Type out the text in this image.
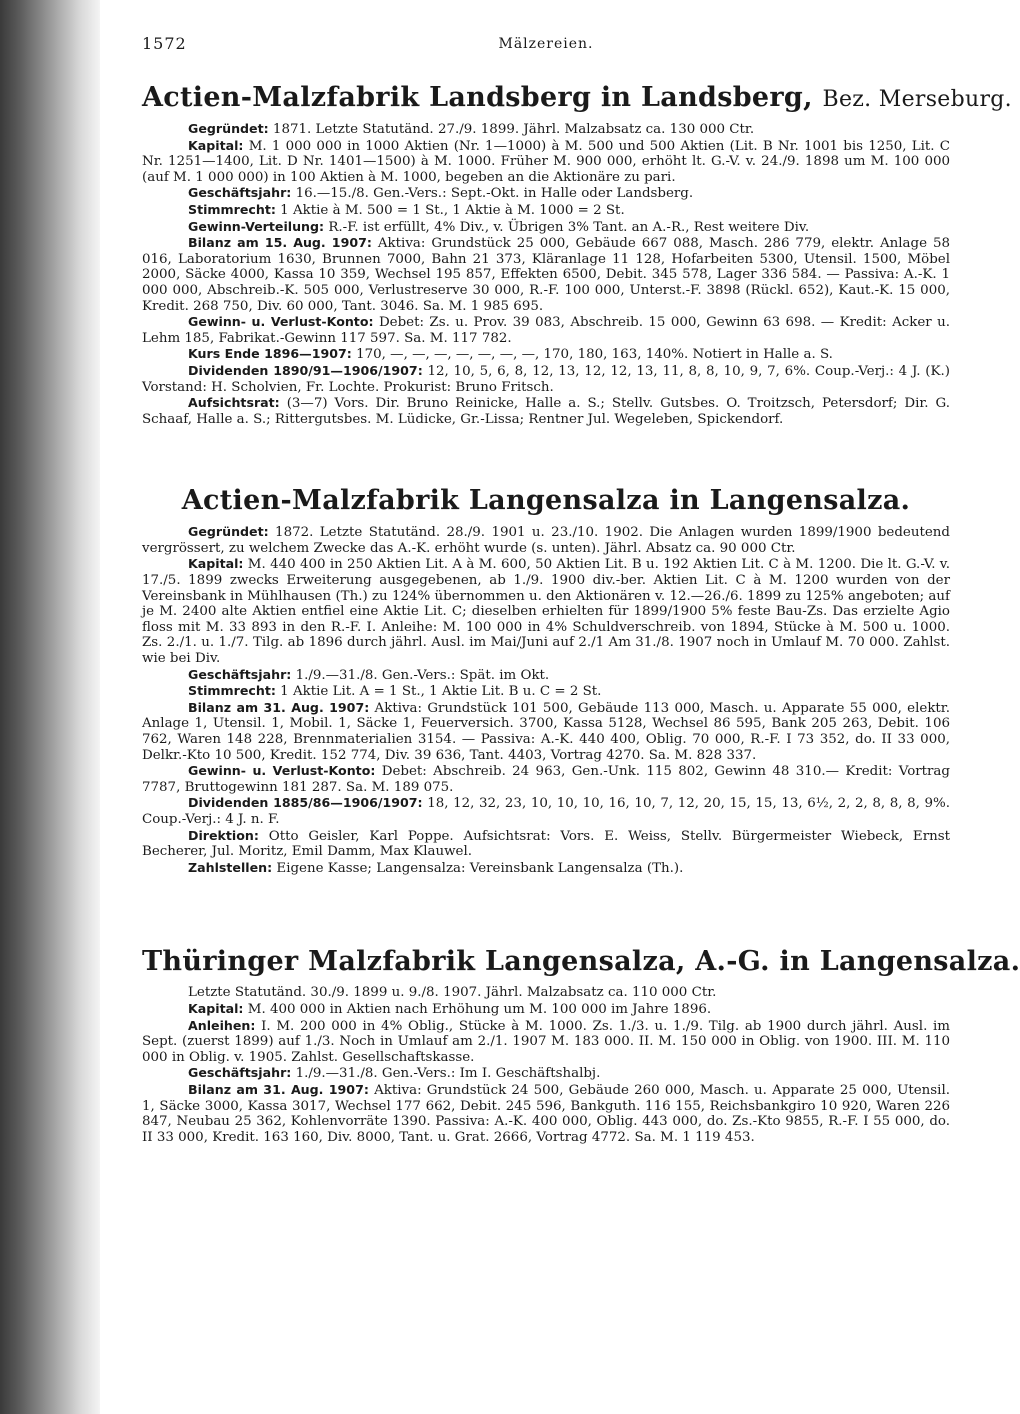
1572	Mälzereien.
Actien-Malzfabrik Landsberg in Landsberg, Bez. Merseburg.

Gegründet: 1871. Letzte Statutänd. 27./9. 1899. Jährl. Malzabsatz ca. 130 000 Ctr.

Kapital: M. 1 000 000 in 1000 Aktien (Nr. 1—1000) à M. 500 und 500 Aktien (Lit. B Nr. 1001 bis 1250, Lit. C Nr. 1251—1400, Lit. D Nr. 1401—1500) à M. 1000. Früher M. 900 000, erhöht lt. G.-V. v. 24./9. 1898 um M. 100 000 (auf M. 1 000 000) in 100 Aktien à M. 1000, begeben an die Aktionäre zu pari.

Geschäftsjahr: 16.—15./8. Gen.-Vers.: Sept.-Okt. in Halle oder Landsberg.

Stimmrecht: 1 Aktie à M. 500 = 1 St., 1 Aktie à M. 1000 = 2 St.

Gewinn-Verteilung: R.-F. ist erfüllt, 4% Div., v. Übrigen 3% Tant. an A.-R., Rest weitere Div.

Bilanz am 15. Aug. 1907: Aktiva: Grundstück 25 000, Gebäude 667 088, Masch. 286 779, elektr. Anlage 58 016, Laboratorium 1630, Brunnen 7000, Bahn 21 373, Kläranlage 11 128, Hofarbeiten 5300, Utensil. 1500, Möbel 2000, Säcke 4000, Kassa 10 359, Wechsel 195 857, Effekten 6500, Debit. 345 578, Lager 336 584. — Passiva: A.-K. 1 000 000, Abschreib.-K. 505 000, Verlustreserve 30 000, R.-F. 100 000, Unterst.-F. 3898 (Rückl. 652), Kaut.-K. 15 000, Kredit. 268 750, Div. 60 000, Tant. 3046. Sa. M. 1 985 695.

Gewinn- u. Verlust-Konto: Debet: Zs. u. Prov. 39 083, Abschreib. 15 000, Gewinn 63 698. — Kredit: Acker u. Lehm 185, Fabrikat.-Gewinn 117 597. Sa. M. 117 782.

Kurs Ende 1896—1907: 170, —, —, —, —, —, —, —, 170, 180, 163, 140%. Notiert in Halle a. S.

Dividenden 1890/91—1906/1907: 12, 10, 5, 6, 8, 12, 13, 12, 12, 13, 11, 8, 8, 10, 9, 7, 6%. Coup.-Verj.: 4 J. (K.) Vorstand: H. Scholvien, Fr. Lochte. Prokurist: Bruno Fritsch.

Aufsichtsrat: (3—7) Vors. Dir. Bruno Reinicke, Halle a. S.; Stellv. Gutsbes. O. Troitzsch, Petersdorf; Dir. G. Schaaf, Halle a. S.; Rittergutsbes. M. Lüdicke, Gr.-Lissa; Rentner Jul. Wegeleben, Spickendorf.

Actien-Malzfabrik Langensalza in Langensalza.

Gegründet: 1872. Letzte Statutänd. 28./9. 1901 u. 23./10. 1902. Die Anlagen wurden 1899/1900 bedeutend vergrössert, zu welchem Zwecke das A.-K. erhöht wurde (s. unten). Jährl. Absatz ca. 90 000 Ctr.

Kapital: M. 440 400 in 250 Aktien Lit. A à M. 600, 50 Aktien Lit. B u. 192 Aktien Lit. C à M. 1200. Die lt. G.-V. v. 17./5. 1899 zwecks Erweiterung ausgegebenen, ab 1./9. 1900 div.-ber. Aktien Lit. C à M. 1200 wurden von der Vereinsbank in Mühlhausen (Th.) zu 124% übernommen u. den Aktionären v. 12.—26./6. 1899 zu 125% angeboten; auf je M. 2400 alte Aktien entfiel eine Aktie Lit. C; dieselben erhielten für 1899/1900 5% feste Bau-Zs. Das erzielte Agio floss mit M. 33 893 in den R.-F. I. Anleihe: M. 100 000 in 4% Schuldverschreib. von 1894, Stücke à M. 500 u. 1000. Zs. 2./1. u. 1./7. Tilg. ab 1896 durch jährl. Ausl. im Mai/Juni auf 2./1 Am 31./8. 1907 noch in Umlauf M. 70 000. Zahlst. wie bei Div.

Geschäftsjahr: 1./9.—31./8. Gen.-Vers.: Spät. im Okt.

Stimmrecht: 1 Aktie Lit. A = 1 St., 1 Aktie Lit. B u. C = 2 St.

Bilanz am 31. Aug. 1907: Aktiva: Grundstück 101 500, Gebäude 113 000, Masch. u. Apparate 55 000, elektr. Anlage 1, Utensil. 1, Mobil. 1, Säcke 1, Feuerversich. 3700, Kassa 5128, Wechsel 86 595, Bank 205 263, Debit. 106 762, Waren 148 228, Brennmaterialien 3154. — Passiva: A.-K. 440 400, Oblig. 70 000, R.-F. I 73 352, do. II 33 000, Delkr.-Kto 10 500, Kredit. 152 774, Div. 39 636, Tant. 4403, Vortrag 4270. Sa. M. 828 337.

Gewinn- u. Verlust-Konto: Debet: Abschreib. 24 963, Gen.-Unk. 115 802, Gewinn 48 310.— Kredit: Vortrag 7787, Bruttogewinn 181 287. Sa. M. 189 075.

Dividenden 1885/86—1906/1907: 18, 12, 32, 23, 10, 10, 10, 16, 10, 7, 12, 20, 15, 15, 13, 6½, 2, 2, 8, 8, 8, 9%. Coup.-Verj.: 4 J. n. F.

Direktion: Otto Geisler, Karl Poppe. Aufsichtsrat: Vors. E. Weiss, Stellv. Bürgermeister Wiebeck, Ernst Becherer, Jul. Moritz, Emil Damm, Max Klauwel.

Zahlstellen: Eigene Kasse; Langensalza: Vereinsbank Langensalza (Th.).

Thüringer Malzfabrik Langensalza, A.-G. in Langensalza.

Letzte Statutänd. 30./9. 1899 u. 9./8. 1907. Jährl. Malzabsatz ca. 110 000 Ctr.

Kapital: M. 400 000 in Aktien nach Erhöhung um M. 100 000 im Jahre 1896.

Anleihen: I. M. 200 000 in 4% Oblig., Stücke à M. 1000. Zs. 1./3. u. 1./9. Tilg. ab 1900 durch jährl. Ausl. im Sept. (zuerst 1899) auf 1./3. Noch in Umlauf am 2./1. 1907 M. 183 000. II. M. 150 000 in Oblig. von 1900. III. M. 110 000 in Oblig. v. 1905. Zahlst. Gesellschaftskasse.

Geschäftsjahr: 1./9.—31./8. Gen.-Vers.: Im I. Geschäftshalbj.

Bilanz am 31. Aug. 1907: Aktiva: Grundstück 24 500, Gebäude 260 000, Masch. u. Apparate 25 000, Utensil. 1, Säcke 3000, Kassa 3017, Wechsel 177 662, Debit. 245 596, Bankguth. 116 155, Reichsbankgiro 10 920, Waren 226 847, Neubau 25 362, Kohlenvorräte 1390. Passiva: A.-K. 400 000, Oblig. 443 000, do. Zs.-Kto 9855, R.-F. I 55 000, do. II 33 000, Kredit. 163 160, Div. 8000, Tant. u. Grat. 2666, Vortrag 4772. Sa. M. 1 119 453.
